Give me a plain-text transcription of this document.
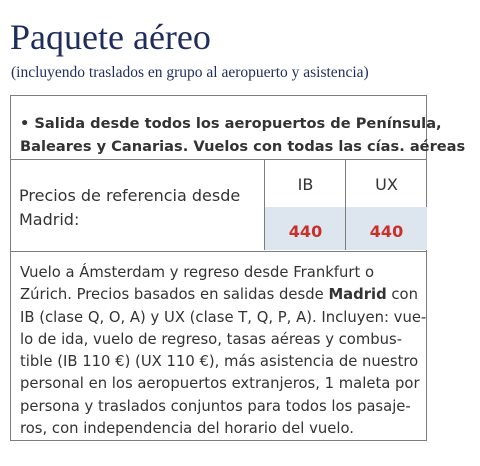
Paquete aéreo
(incluyendo traslados en grupo al aeropuerto y asistencia)
• Salida desde todos los aeropuertos de Península,
Baleares y Canarias. Vuelos con todas las cías. aéreas
Precios de referencia desde Madrid:
IB
440
UX
440
Vuelo a Ámsterdam y regreso desde Frankfurt o
Zúrich. Precios basados en salidas desde Madrid con
IB (clase Q, O, A) y UX (clase T, Q, P, A). Incluyen: vue-
lo de ida, vuelo de regreso, tasas aéreas y combus-
tible (IB 110 €) (UX 110 €), más asistencia de nuestro
personal en los aeropuertos extranjeros, 1 maleta por
persona y traslados conjuntos para todos los pasaje-
ros, con independencia del horario del vuelo.
